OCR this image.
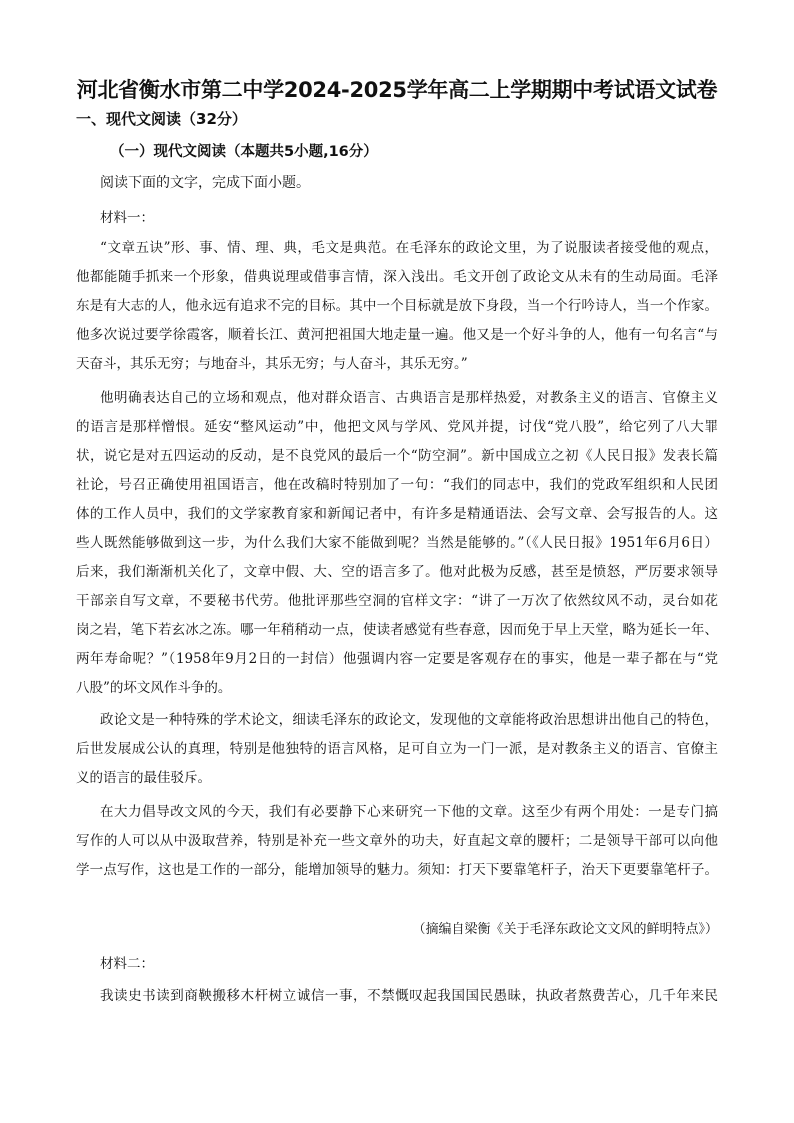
河北省衡水市第二中学2024-2025学年高二上学期期中考试语文试卷
一、现代文阅读（32分）
（一）现代文阅读（本题共5小题,16分）
阅读下面的文字，完成下面小题。
材料一：
“文章五诀”形、事、情、理、典，毛文是典范。在毛泽东的政论文里，为了说服读者接受他的观点，
他都能随手抓来一个形象，借典说理或借事言情，深入浅出。毛文开创了政论文从未有的生动局面。毛泽
东是有大志的人，他永远有追求不完的目标。其中一个目标就是放下身段，当一个行吟诗人，当一个作家。
他多次说过要学徐霞客，顺着长江、黄河把祖国大地走量一遍。他又是一个好斗争的人，他有一句名言“与
天奋斗，其乐无穷；与地奋斗，其乐无穷；与人奋斗，其乐无穷。”
他明确表达自己的立场和观点，他对群众语言、古典语言是那样热爱，对教条主义的语言、官僚主义
的语言是那样憎恨。延安“整风运动”中，他把文风与学风、党风并提，讨伐“党八股”，给它列了八大罪
状，说它是对五四运动的反动，是不良党风的最后一个“防空洞”。新中国成立之初《人民日报》发表长篇
社论，号召正确使用祖国语言，他在改稿时特别加了一句：“我们的同志中，我们的党政军组织和人民团
体的工作人员中，我们的文学家教育家和新闻记者中，有许多是精通语法、会写文章、会写报告的人。这
些人既然能够做到这一步，为什么我们大家不能做到呢？当然是能够的。”（《人民日报》1951年6月6日）
后来，我们渐渐机关化了，文章中假、大、空的语言多了。他对此极为反感，甚至是愤怒，严厉要求领导
干部亲自写文章，不要秘书代劳。他批评那些空洞的官样文字：“讲了一万次了依然纹风不动，灵台如花
岗之岩，笔下若玄冰之冻。哪一年稍稍动一点，使读者感觉有些春意，因而免于早上天堂，略为延长一年、
两年寿命呢？”（1958年9月2日的一封信）他强调内容一定要是客观存在的事实，他是一辈子都在与“党
八股”的坏文风作斗争的。
政论文是一种特殊的学术论文，细读毛泽东的政论文，发现他的文章能将政治思想讲出他自己的特色，
后世发展成公认的真理，特别是他独特的语言风格，足可自立为一门一派，是对教条主义的语言、官僚主
义的语言的最佳驳斥。
在大力倡导改文风的今天，我们有必要静下心来研究一下他的文章。这至少有两个用处：一是专门搞
写作的人可以从中汲取营养，特别是补充一些文章外的功夫，好直起文章的腰杆；二是领导干部可以向他
学一点写作，这也是工作的一部分，能增加领导的魅力。须知：打天下要靠笔杆子，治天下更要靠笔杆子。
（摘编自梁衡《关于毛泽东政论文文风的鲜明特点》）
材料二：
我读史书读到商鞅搬移木杆树立诚信一事，不禁慨叹起我国国民愚昧，执政者熬费苦心，几千年来民
